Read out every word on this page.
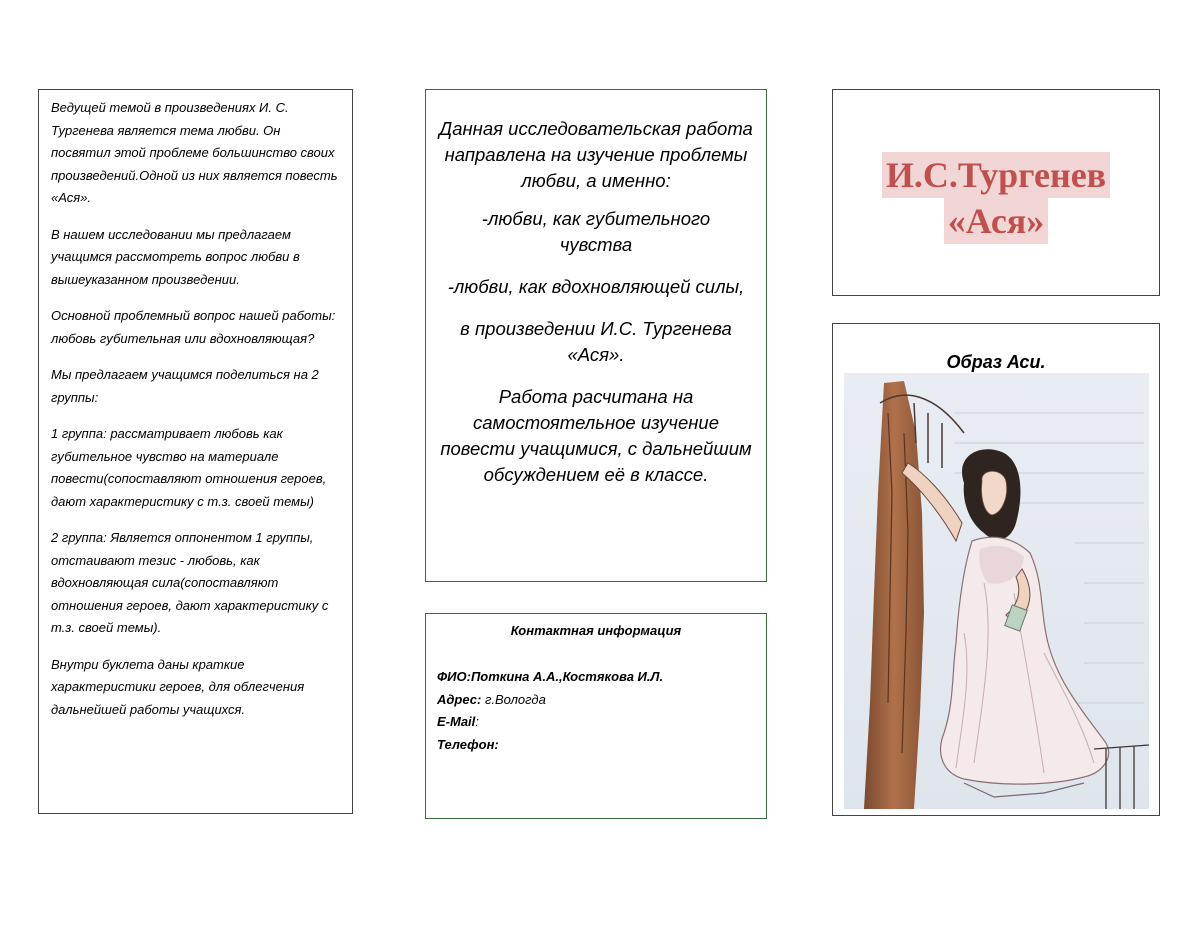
Ведущей темой в произведениях И. С. Тургенева является тема любви. Он посвятил этой проблеме большинство своих произведений.Одной из них является повесть «Ася».

В нашем исследовании мы предлагаем учащимся рассмотреть вопрос любви в вышеуказанном произведении.

Основной проблемный вопрос нашей работы: любовь губительная или вдохновляющая?

Мы предлагаем учащимся поделиться на 2 группы:

1 группа: рассматривает любовь как губительное чувство на материале повести(сопоставляют отношения героев, дают характеристику с т.з. своей темы)

2 группа: Является оппонентом 1 группы, отстаивают тезис - любовь, как вдохновляющая сила(сопоставляют отношения героев, дают характеристику с т.з. своей темы).

Внутри буклета даны краткие характеристики героев, для облегчения дальнейшей работы учащихся.

Данная исследовательская работа направлена на изучение проблемы любви, а именно:

-любви, как губительного чувства

-любви, как вдохновляющей силы,

в произведении И.С. Тургенева «Ася».

Работа расчитана на самостоятельное изучение повести учащимися, с дальнейшим обсуждением её в классе.

Контактная информация
ФИО:Поткина А.А.,Костякова И.Л.
Адрес: г.Вологда
E-Mail:
Телефон:
И.С.Тургенев
«Ася»
Образ Аси.
